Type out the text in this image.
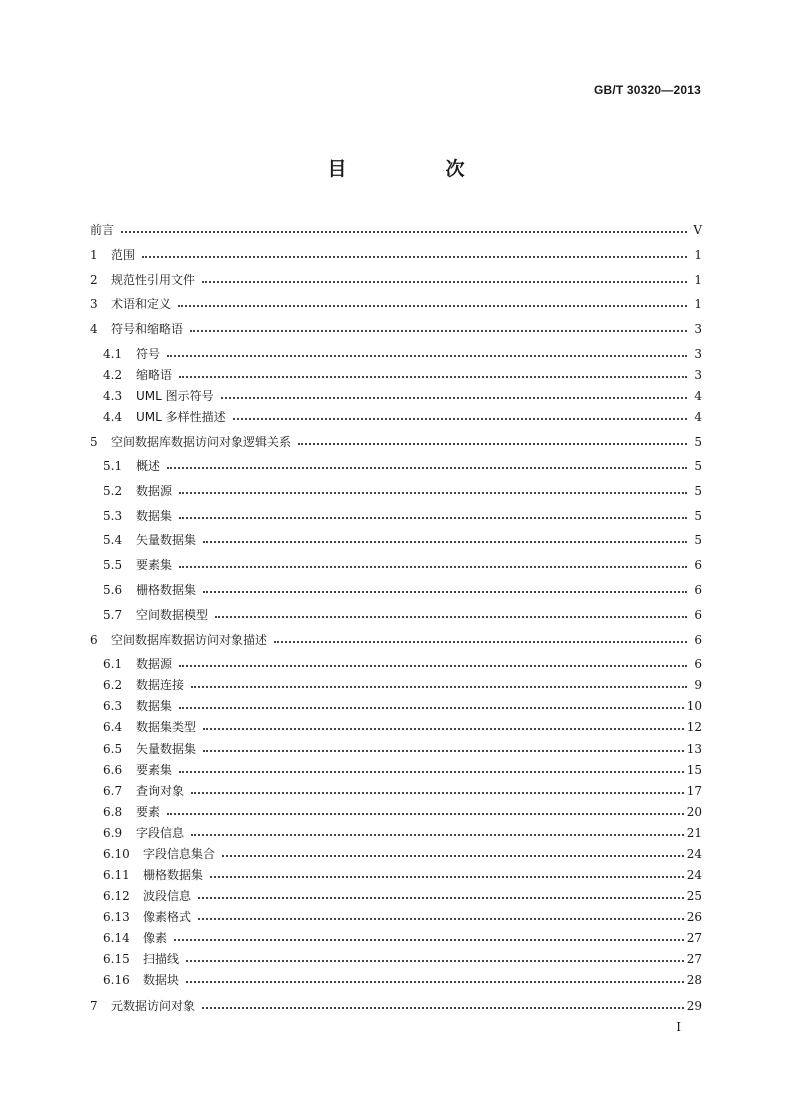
GB/T 30320—2013
目　次
前言	V
1	范围	1
2	规范性引用文件	1
3	术语和定义	1
4	符号和缩略语	3
4.1	符号	3
4.2	缩略语	3
4.3	UML 图示符号	4
4.4	UML 多样性描述	4
5	空间数据库数据访问对象逻辑关系	5
5.1	概述	5
5.2	数据源	5
5.3	数据集	5
5.4	矢量数据集	5
5.5	要素集	6
5.6	栅格数据集	6
5.7	空间数据模型	6
6	空间数据库数据访问对象描述	6
6.1	数据源	6
6.2	数据连接	9
6.3	数据集	10
6.4	数据集类型	12
6.5	矢量数据集	13
6.6	要素集	15
6.7	查询对象	17
6.8	要素	20
6.9	字段信息	21
6.10	字段信息集合	24
6.11	栅格数据集	24
6.12	波段信息	25
6.13	像素格式	26
6.14	像素	27
6.15	扫描线	27
6.16	数据块	28
7	元数据访问对象	29
I
